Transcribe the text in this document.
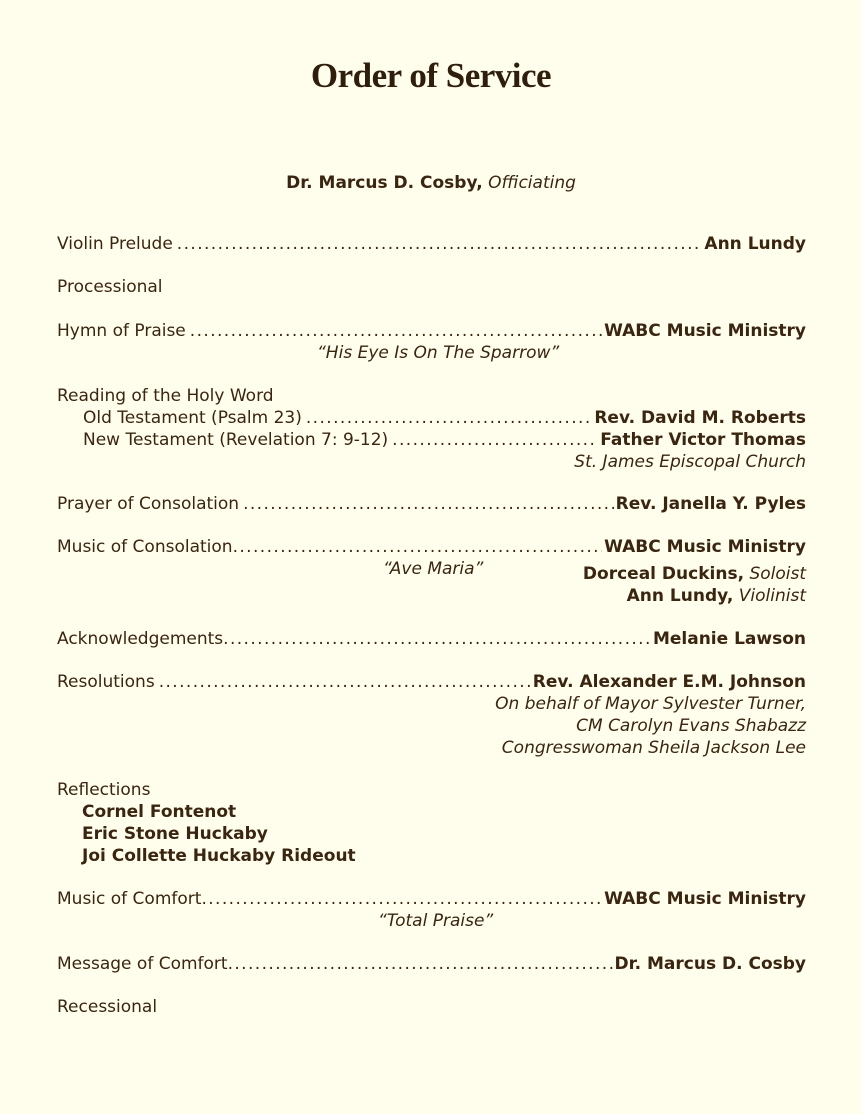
Order of Service
Dr. Marcus D. Cosby, Officiating
Violin Prelude .....	Ann Lundy
Processional
Hymn of Praise .....	WABC Music Ministry
“His Eye Is On The Sparrow”
Reading of the Holy Word
Old Testament (Psalm 23) .....	Rev. David M. Roberts
New Testament (Revelation 7: 9-12) .....	Father Victor Thomas
St. James Episcopal Church
Prayer of Consolation .....	Rev. Janella Y. Pyles
Music of Consolation .....	WABC Music Ministry
“Ave Maria”	Dorceal Duckins, Soloist
Ann Lundy, Violinist
Acknowledgements .....	Melanie Lawson
Resolutions .....	Rev. Alexander E.M. Johnson
On behalf of Mayor Sylvester Turner,
CM Carolyn Evans Shabazz
Congresswoman Sheila Jackson Lee
Reflections
Cornel Fontenot
Eric Stone Huckaby
Joi Collette Huckaby Rideout
Music of Comfort .....	WABC Music Ministry
“Total Praise”
Message of Comfort .....	Dr. Marcus D. Cosby
Recessional
